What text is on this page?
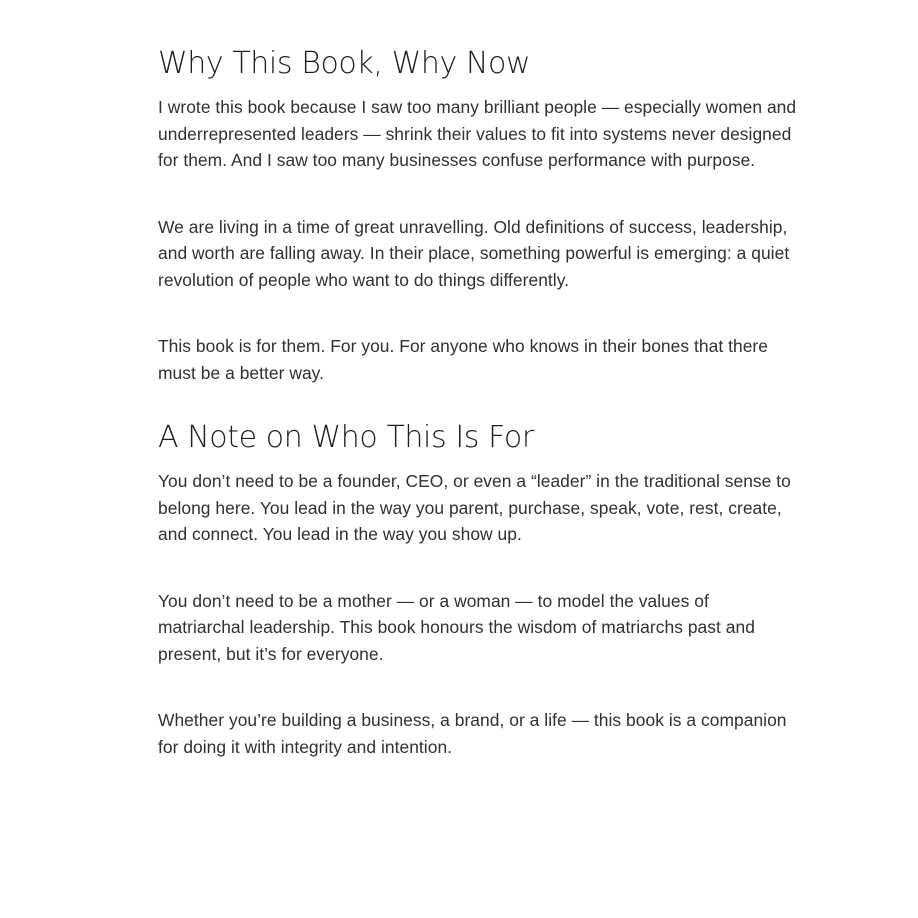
Why This Book, Why Now

I wrote this book because I saw too many brilliant people — especially women and underrepresented leaders — shrink their values to fit into systems never designed for them. And I saw too many businesses confuse performance with purpose.

We are living in a time of great unravelling. Old definitions of success, leadership, and worth are falling away. In their place, something powerful is emerging: a quiet revolution of people who want to do things differently.

This book is for them. For you. For anyone who knows in their bones that there must be a better way.

A Note on Who This Is For

You don’t need to be a founder, CEO, or even a “leader” in the traditional sense to belong here. You lead in the way you parent, purchase, speak, vote, rest, create, and connect. You lead in the way you show up.

You don’t need to be a mother — or a woman — to model the values of matriarchal leadership. This book honours the wisdom of matriarchs past and present, but it’s for everyone.

Whether you’re building a business, a brand, or a life — this book is a companion for doing it with integrity and intention.
